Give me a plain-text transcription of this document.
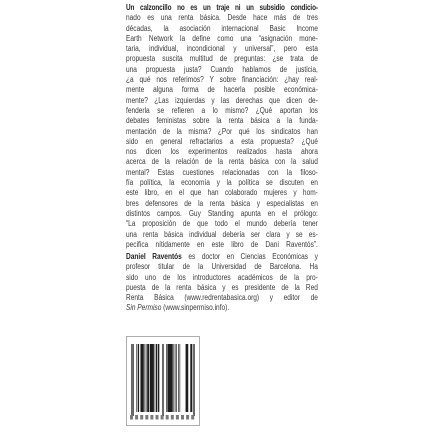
Un calzoncillo no es un traje ni un subsidio condicio-
nado es una renta básica. Desde hace más de tres
décadas, la asociación internacional Basic Income
Earth Network la define como una “asignación mone-
taria, individual, incondicional y universal”, pero esta
propuesta suscita multitud de preguntas: ¿se trata de
una propuesta justa? Cuando hablamos de justicia,
¿a qué nos referimos? Y sobre financiación: ¿hay real-
mente alguna forma de hacerla posible económica-
mente? ¿Las izquierdas y las derechas que dicen de-
fenderla se refieren a lo mismo? ¿Qué aportan los
debates feministas sobre la renta básica a la funda-
mentación de la misma? ¿Por qué los sindicatos han
sido en general refractarios a esta propuesta? ¿Qué
nos dicen los experimentos realizados hasta ahora
acerca de la relación de la renta básica con la salud
mental? Estas cuestiones relacionadas con la filoso-
fía política, la economía y la política se discuten en
este libro, en el que han colaborado mujeres y hom-
bres defensores de la renta básica y especialistas en
distintos campos. Guy Standing apunta en el prólogo:
“La proposición de que todo el mundo debería tener
una renta básica individual debería ser clara y se es-
pecifica nítidamente en este libro de Dani Raventós”.
Daniel Raventós es doctor en Ciencias Económicas y
profesor titular de la Universidad de Barcelona. Ha
sido uno de los introductores académicos de la pro-
puesta de la renta básica y es presidente de la Red
Renta Básica (www.redrentabasica.org) y editor de
Sin Permiso (www.sinpermiso.info).
